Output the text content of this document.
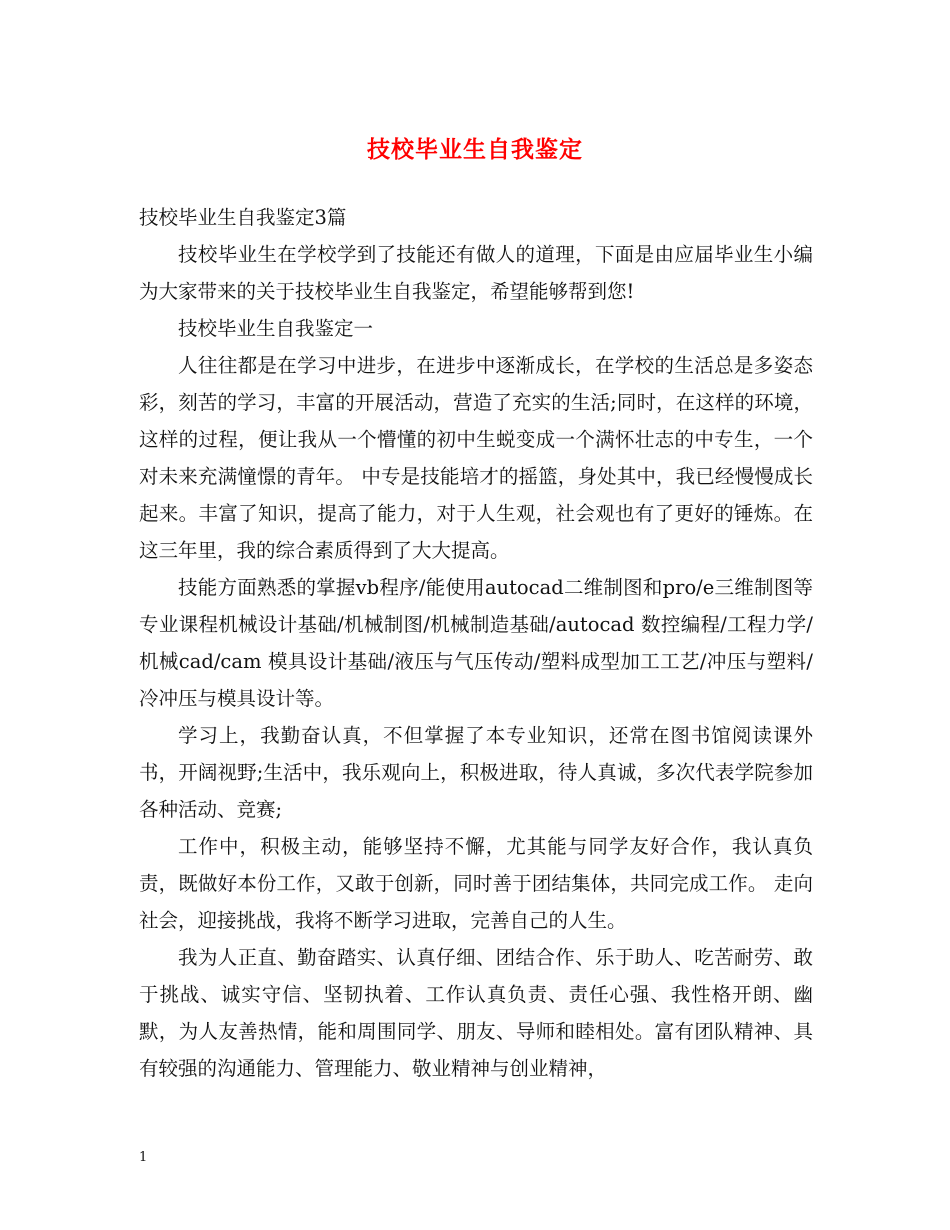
技校毕业生自我鉴定

技校毕业生自我鉴定3篇

技校毕业生在学校学到了技能还有做人的道理，下面是由应届毕业生小编为大家带来的关于技校毕业生自我鉴定，希望能够帮到您!

技校毕业生自我鉴定一

人往往都是在学习中进步，在进步中逐渐成长，在学校的生活总是多姿态彩，刻苦的学习，丰富的开展活动，营造了充实的生活;同时，在这样的环境，这样的过程，便让我从一个懵懂的初中生蜕变成一个满怀壮志的中专生，一个对未来充满憧憬的青年。 中专是技能培才的摇篮，身处其中，我已经慢慢成长起来。丰富了知识，提高了能力，对于人生观，社会观也有了更好的锤炼。在这三年里，我的综合素质得到了大大提高。

技能方面熟悉的掌握vb程序/能使用autocad二维制图和pro/e三维制图等专业课程机械设计基础/机械制图/机械制造基础/autocad 数控编程/工程力学/机械cad/cam 模具设计基础/液压与气压传动/塑料成型加工工艺/冲压与塑料/冷冲压与模具设计等。

学习上，我勤奋认真，不但掌握了本专业知识，还常在图书馆阅读课外书，开阔视野;生活中，我乐观向上，积极进取，待人真诚，多次代表学院参加各种活动、竞赛;

工作中，积极主动，能够坚持不懈，尤其能与同学友好合作，我认真负责，既做好本份工作，又敢于创新，同时善于团结集体，共同完成工作。 走向社会，迎接挑战，我将不断学习进取，完善自己的人生。

我为人正直、勤奋踏实、认真仔细、团结合作、乐于助人、吃苦耐劳、敢于挑战、诚实守信、坚韧执着、工作认真负责、责任心强、我性格开朗、幽默，为人友善热情，能和周围同学、朋友、导师和睦相处。富有团队精神、具有较强的沟通能力、管理能力、敬业精神与创业精神，

1
